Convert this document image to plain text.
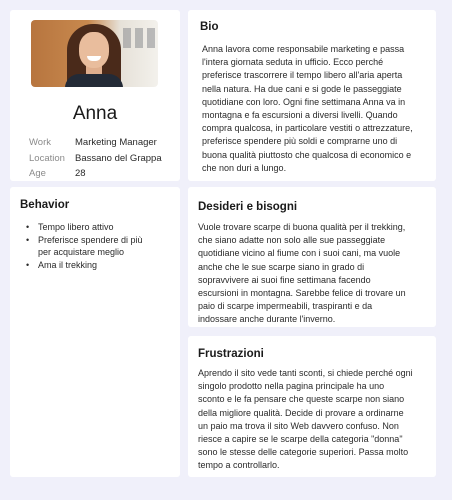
Anna
Work	Marketing Manager
Location Bassano del Grappa
Age	28
Bio
Anna lavora come responsabile marketing e passa
l'intera giornata seduta in ufficio. Ecco perché
preferisce trascorrere il tempo libero all'aria aperta
nella natura. Ha due cani e si gode le passeggiate
quotidiane con loro. Ogni fine settimana Anna va in
montagna e fa escursioni a diversi livelli. Quando
compra qualcosa, in particolare vestiti o attrezzature,
preferisce spendere più soldi e comprarne uno di
buona qualità piuttosto che qualcosa di economico e
che non duri a lungo.
Behavior
• Tempo libero attivo
• Preferisce spendere di più
per acquistare meglio
• Ama il trekking
Desideri e bisogni
Vuole trovare scarpe di buona qualità per il trekking,
che siano adatte non solo alle sue passeggiate
quotidiane vicino al fiume con i suoi cani, ma vuole
anche che le sue scarpe siano in grado di
sopravvivere ai suoi fine settimana facendo
escursioni in montagna. Sarebbe felice di trovare un
paio di scarpe impermeabili, traspiranti e da
indossare anche durante l'inverno.
Frustrazioni
Aprendo il sito vede tanti sconti, si chiede perché ogni
singolo prodotto nella pagina principale ha uno
sconto e le fa pensare che queste scarpe non siano
della migliore qualità. Decide di provare a ordinarne
un paio ma trova il sito Web davvero confuso. Non
riesce a capire se le scarpe della categoria "donna"
sono le stesse delle categorie superiori. Passa molto
tempo a controllarlo.
